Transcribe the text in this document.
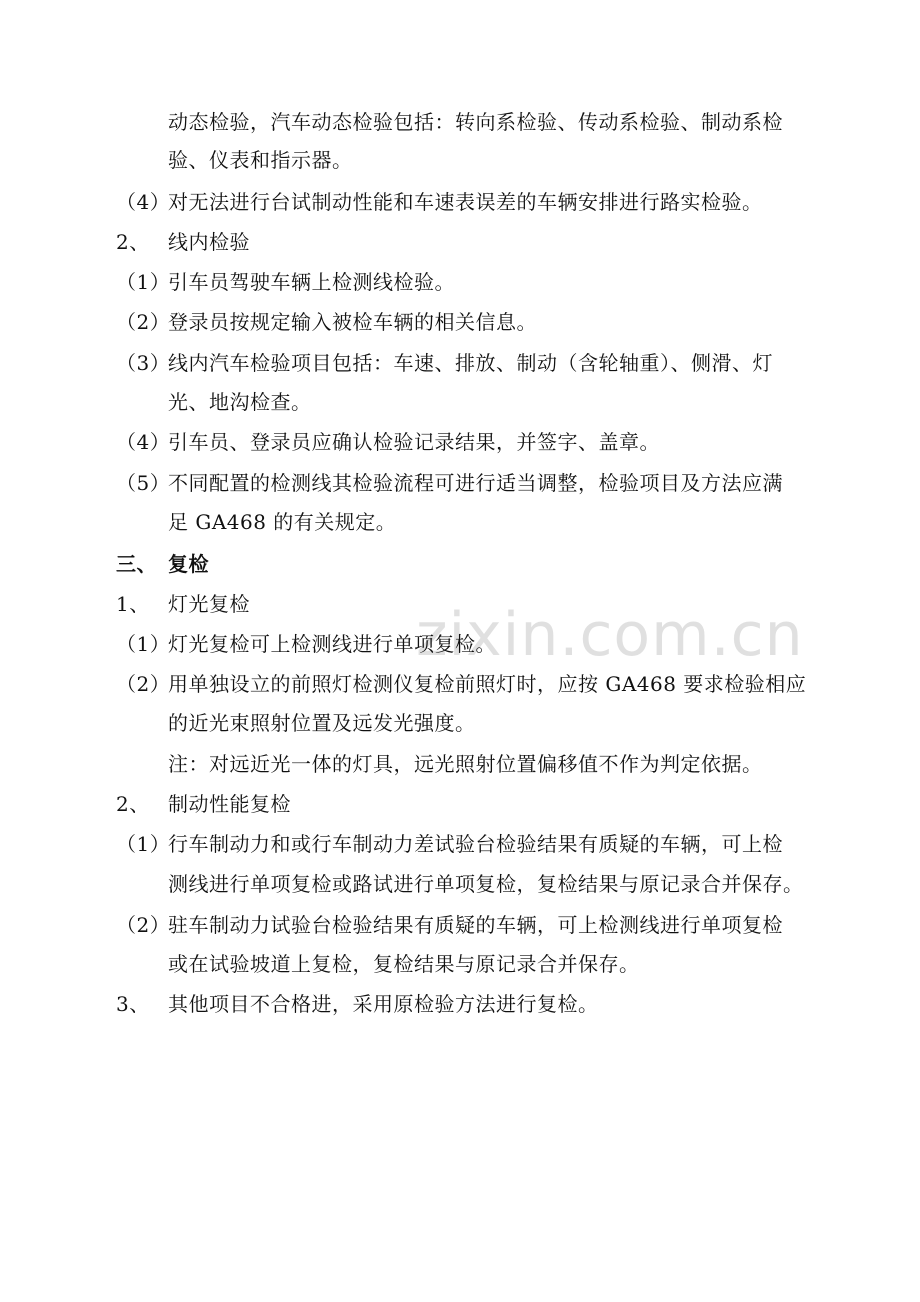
zixin.com.cn
动态检验，汽车动态检验包括：转向系检验、传动系检验、制动系检
验、仪表和指示器。
（4）
对无法进行台试制动性能和车速表误差的车辆安排进行路实检验。
2、 线内检验
（1）
引车员驾驶车辆上检测线检验。
（2）
登录员按规定输入被检车辆的相关信息。
（3）
线内汽车检验项目包括：车速、排放、制动（含轮轴重）、侧滑、灯
光、地沟检查。
（4）
引车员、登录员应确认检验记录结果，并签字、盖章。
（5）
不同配置的检测线其检验流程可进行适当调整，检验项目及方法应满
足 GA468 的有关规定。
三、 复检
1、 灯光复检
（1）
灯光复检可上检测线进行单项复检。
（2）
用单独设立的前照灯检测仪复检前照灯时，应按 GA468 要求检验相应
的近光束照射位置及远发光强度。
注：对远近光一体的灯具，远光照射位置偏移值不作为判定依据。
2、 制动性能复检
（1）
行车制动力和或行车制动力差试验台检验结果有质疑的车辆，可上检
测线进行单项复检或路试进行单项复检，复检结果与原记录合并保存。
（2）
驻车制动力试验台检验结果有质疑的车辆，可上检测线进行单项复检
或在试验坡道上复检，复检结果与原记录合并保存。
3、 其他项目不合格进，采用原检验方法进行复检。
